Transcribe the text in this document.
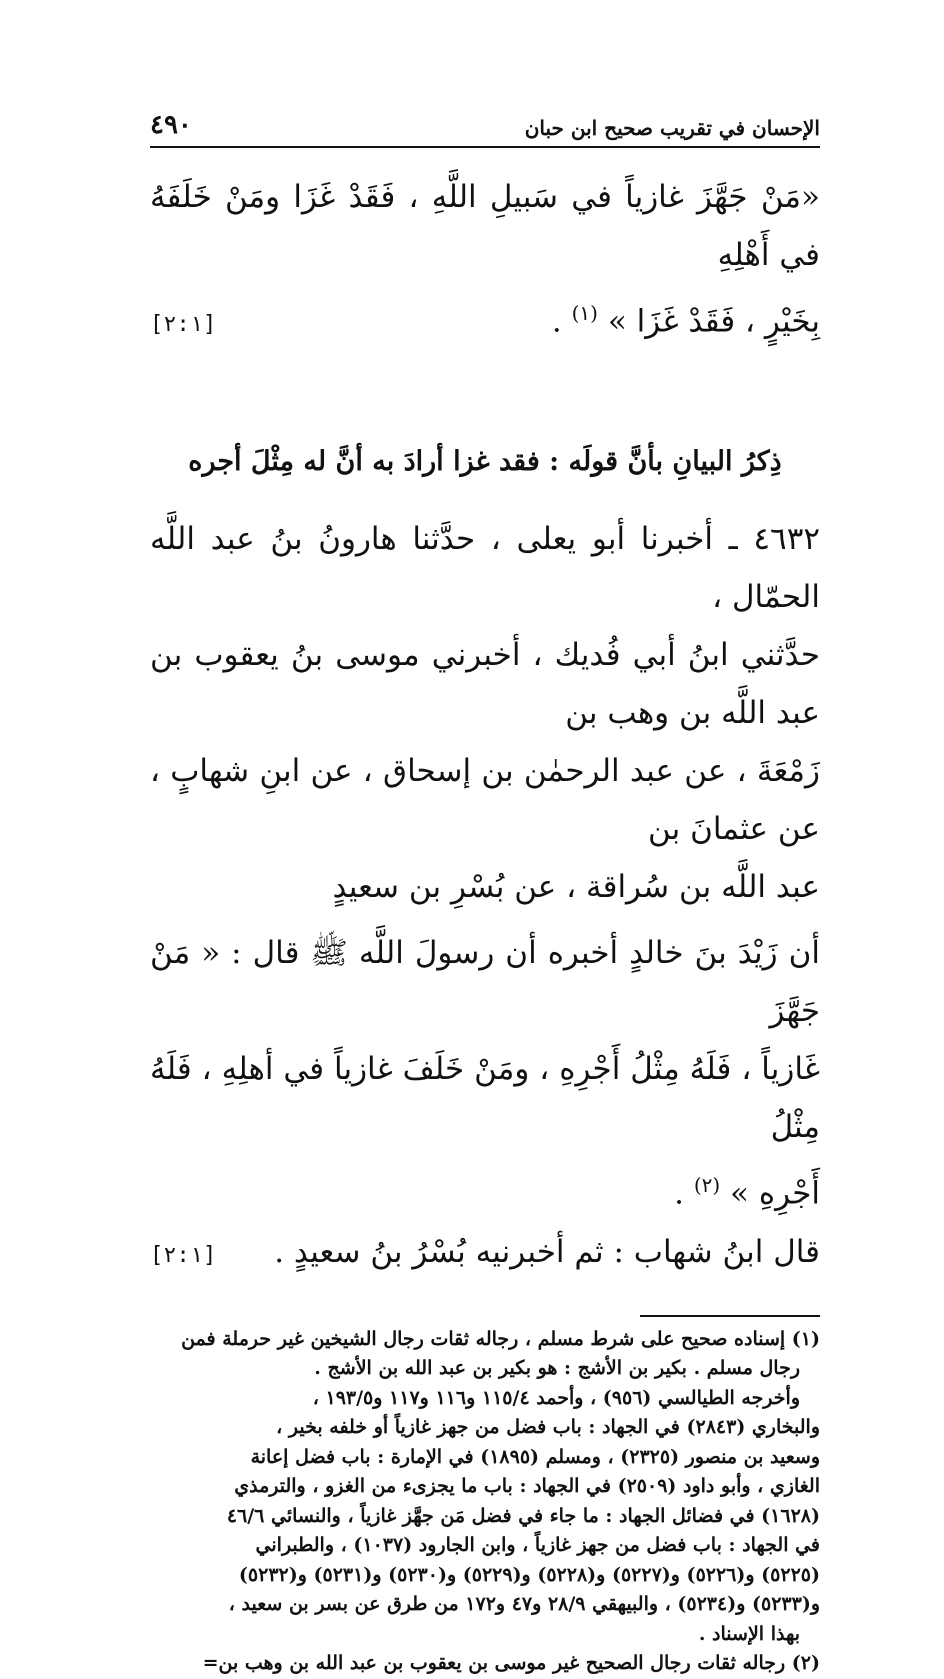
الإحسان في تقريب صحيح ابن حبان
٤٩٠
«مَنْ جَهَّزَ غازياً في سَبيلِ اللَّهِ ، فَقَدْ غَزَا ومَنْ خَلَفَهُ في أَهْلِهِ
بِخَيْرٍ ، فَقَدْ غَزَا » $^{(١)}$ .
[٢:١]
ذِكرُ البيانِ بأنَّ قولَه : فقد غزا أرادَ به أنَّ له مِثْلَ أجره
٤٦٣٢ ـ أخبرنا أبو يعلى ، حدَّثنا هارونُ بنُ عبد اللَّه الحمّال ،
حدَّثني ابنُ أبي فُديك ، أخبرني موسى بنُ يعقوب بن عبد اللَّه بن وهب بن
زَمْعَةَ ، عن عبد الرحمٰن بن إسحاق ، عن ابنِ شهابٍ ، عن عثمانَ بن
عبد اللَّه بن سُراقة ، عن بُسْرِ بن سعيدٍ
أن زَيْدَ بنَ خالدٍ أخبره أن رسولَ اللَّه ﷺ قال : « مَنْ جَهَّزَ
غَازياً ، فَلَهُ مِثْلُ أَجْرِهِ ، ومَنْ خَلَفَ غازياً في أهلِهِ ، فَلَهُ مِثْلُ
أَجْرِهِ » $^{(٢)}$ .
قال ابنُ شهاب : ثم أخبرنيه بُسْرُ بنُ سعيدٍ .
[٢:١]
(١) إسناده صحيح على شرط مسلم ، رجاله ثقات رجال الشيخين غير حرملة فمن
رجال مسلم . بكير بن الأشج : هو بكير بن عبد الله بن الأشج .
وأخرجه الطيالسي (٩٥٦) ، وأحمد ١١٥/٤ و١١٦ و١١٧ و١٩٣/٥ ،
والبخاري (٢٨٤٣) في الجهاد : باب فضل من جهز غازياً أو خلفه بخير ،
وسعيد بن منصور (٢٣٢٥) ، ومسلم (١٨٩٥) في الإمارة : باب فضل إعانة
الغازي ، وأبو داود (٢٥٠٩) في الجهاد : باب ما يجزىء من الغزو ، والترمذي
(١٦٢٨) في فضائل الجهاد : ما جاء في فضل مَن جهَّز غازياً ، والنسائي ٤٦/٦
في الجهاد : باب فضل من جهز غازياً ، وابن الجارود (١٠٣٧) ، والطبراني
(٥٢٢٥) و(٥٢٢٦) و(٥٢٢٧) و(٥٢٢٨) و(٥٢٢٩) و(٥٢٣٠) و(٥٢٣١) و(٥٢٣٢)
و(٥٢٣٣) و(٥٢٣٤) ، والبيهقي ٢٨/٩ و٤٧ و١٧٢ من طرق عن بسر بن سعيد ،
بهذا الإسناد .
(٢) رجاله ثقات رجال الصحيح غير موسى بن يعقوب بن عبد الله بن وهب بن=
